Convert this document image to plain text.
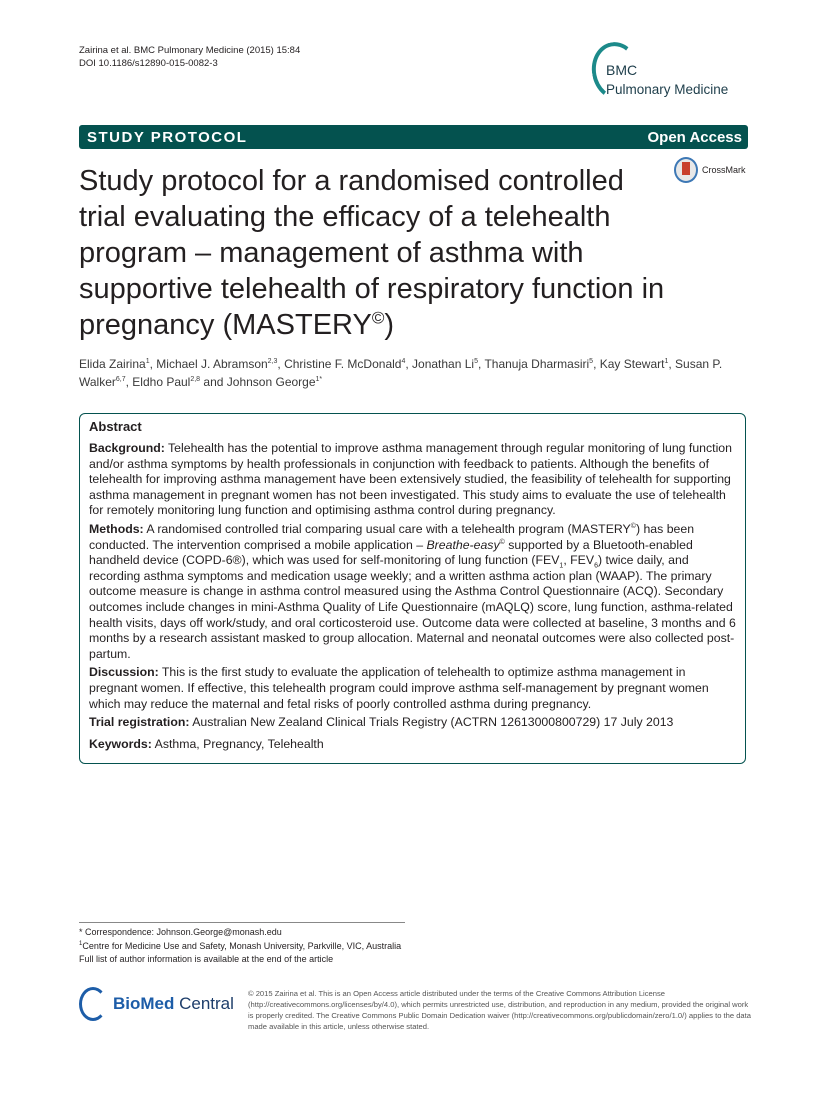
Zairina et al. BMC Pulmonary Medicine (2015) 15:84
DOI 10.1186/s12890-015-0082-3	BMC
Pulmonary Medicine
STUDY PROTOCOL	Open Access
CrossMark
Study protocol for a randomised controlled trial evaluating the efficacy of a telehealth program – management of asthma with supportive telehealth of respiratory function in pregnancy (MASTERY©)
Elida Zairina$^1$, Michael J. Abramson$^{2,3}$, Christine F. McDonald$^4$, Jonathan Li$^5$, Thanuja Dharmasiri$^5$, Kay Stewart$^1$, Susan P. Walker$^{6,7}$, Eldho Paul$^{2,8}$ and Johnson George$^{1*}$
Abstract

Background: Telehealth has the potential to improve asthma management through regular monitoring of lung function and/or asthma symptoms by health professionals in conjunction with feedback to patients. Although the benefits of telehealth for improving asthma management have been extensively studied, the feasibility of telehealth for supporting asthma management in pregnant women has not been investigated. This study aims to evaluate the use of telehealth for remotely monitoring lung function and optimising asthma control during pregnancy.

Methods: A randomised controlled trial comparing usual care with a telehealth program (MASTERY©) has been conducted. The intervention comprised a mobile application – Breathe-easy© supported by a Bluetooth-enabled handheld device (COPD-6®), which was used for self-monitoring of lung function ($FEV_1$, $FEV_6$) twice daily, and recording asthma symptoms and medication usage weekly; and a written asthma action plan (WAAP). The primary outcome measure is change in asthma control measured using the Asthma Control Questionnaire (ACQ). Secondary outcomes include changes in mini-Asthma Quality of Life Questionnaire (mAQLQ) score, lung function, asthma-related health visits, days off work/study, and oral corticosteroid use. Outcome data were collected at baseline, 3 months and 6 months by a research assistant masked to group allocation. Maternal and neonatal outcomes were also collected post-partum.

Discussion: This is the first study to evaluate the application of telehealth to optimize asthma management in pregnant women. If effective, this telehealth program could improve asthma self-management by pregnant women which may reduce the maternal and fetal risks of poorly controlled asthma during pregnancy.

Trial registration: Australian New Zealand Clinical Trials Registry (ACTRN 12613000800729) 17 July 2013

Keywords: Asthma, Pregnancy, Telehealth

* Correspondence: Johnson.George@monash.edu
$^1$Centre for Medicine Use and Safety, Monash University, Parkville, VIC, Australia
Full list of author information is available at the end of the article
BioMed Central
© 2015 Zairina et al. This is an Open Access article distributed under the terms of the Creative Commons Attribution License (http://creativecommons.org/licenses/by/4.0), which permits unrestricted use, distribution, and reproduction in any medium, provided the original work is properly credited. The Creative Commons Public Domain Dedication waiver (http://creativecommons.org/publicdomain/zero/1.0/) applies to the data made available in this article, unless otherwise stated.
